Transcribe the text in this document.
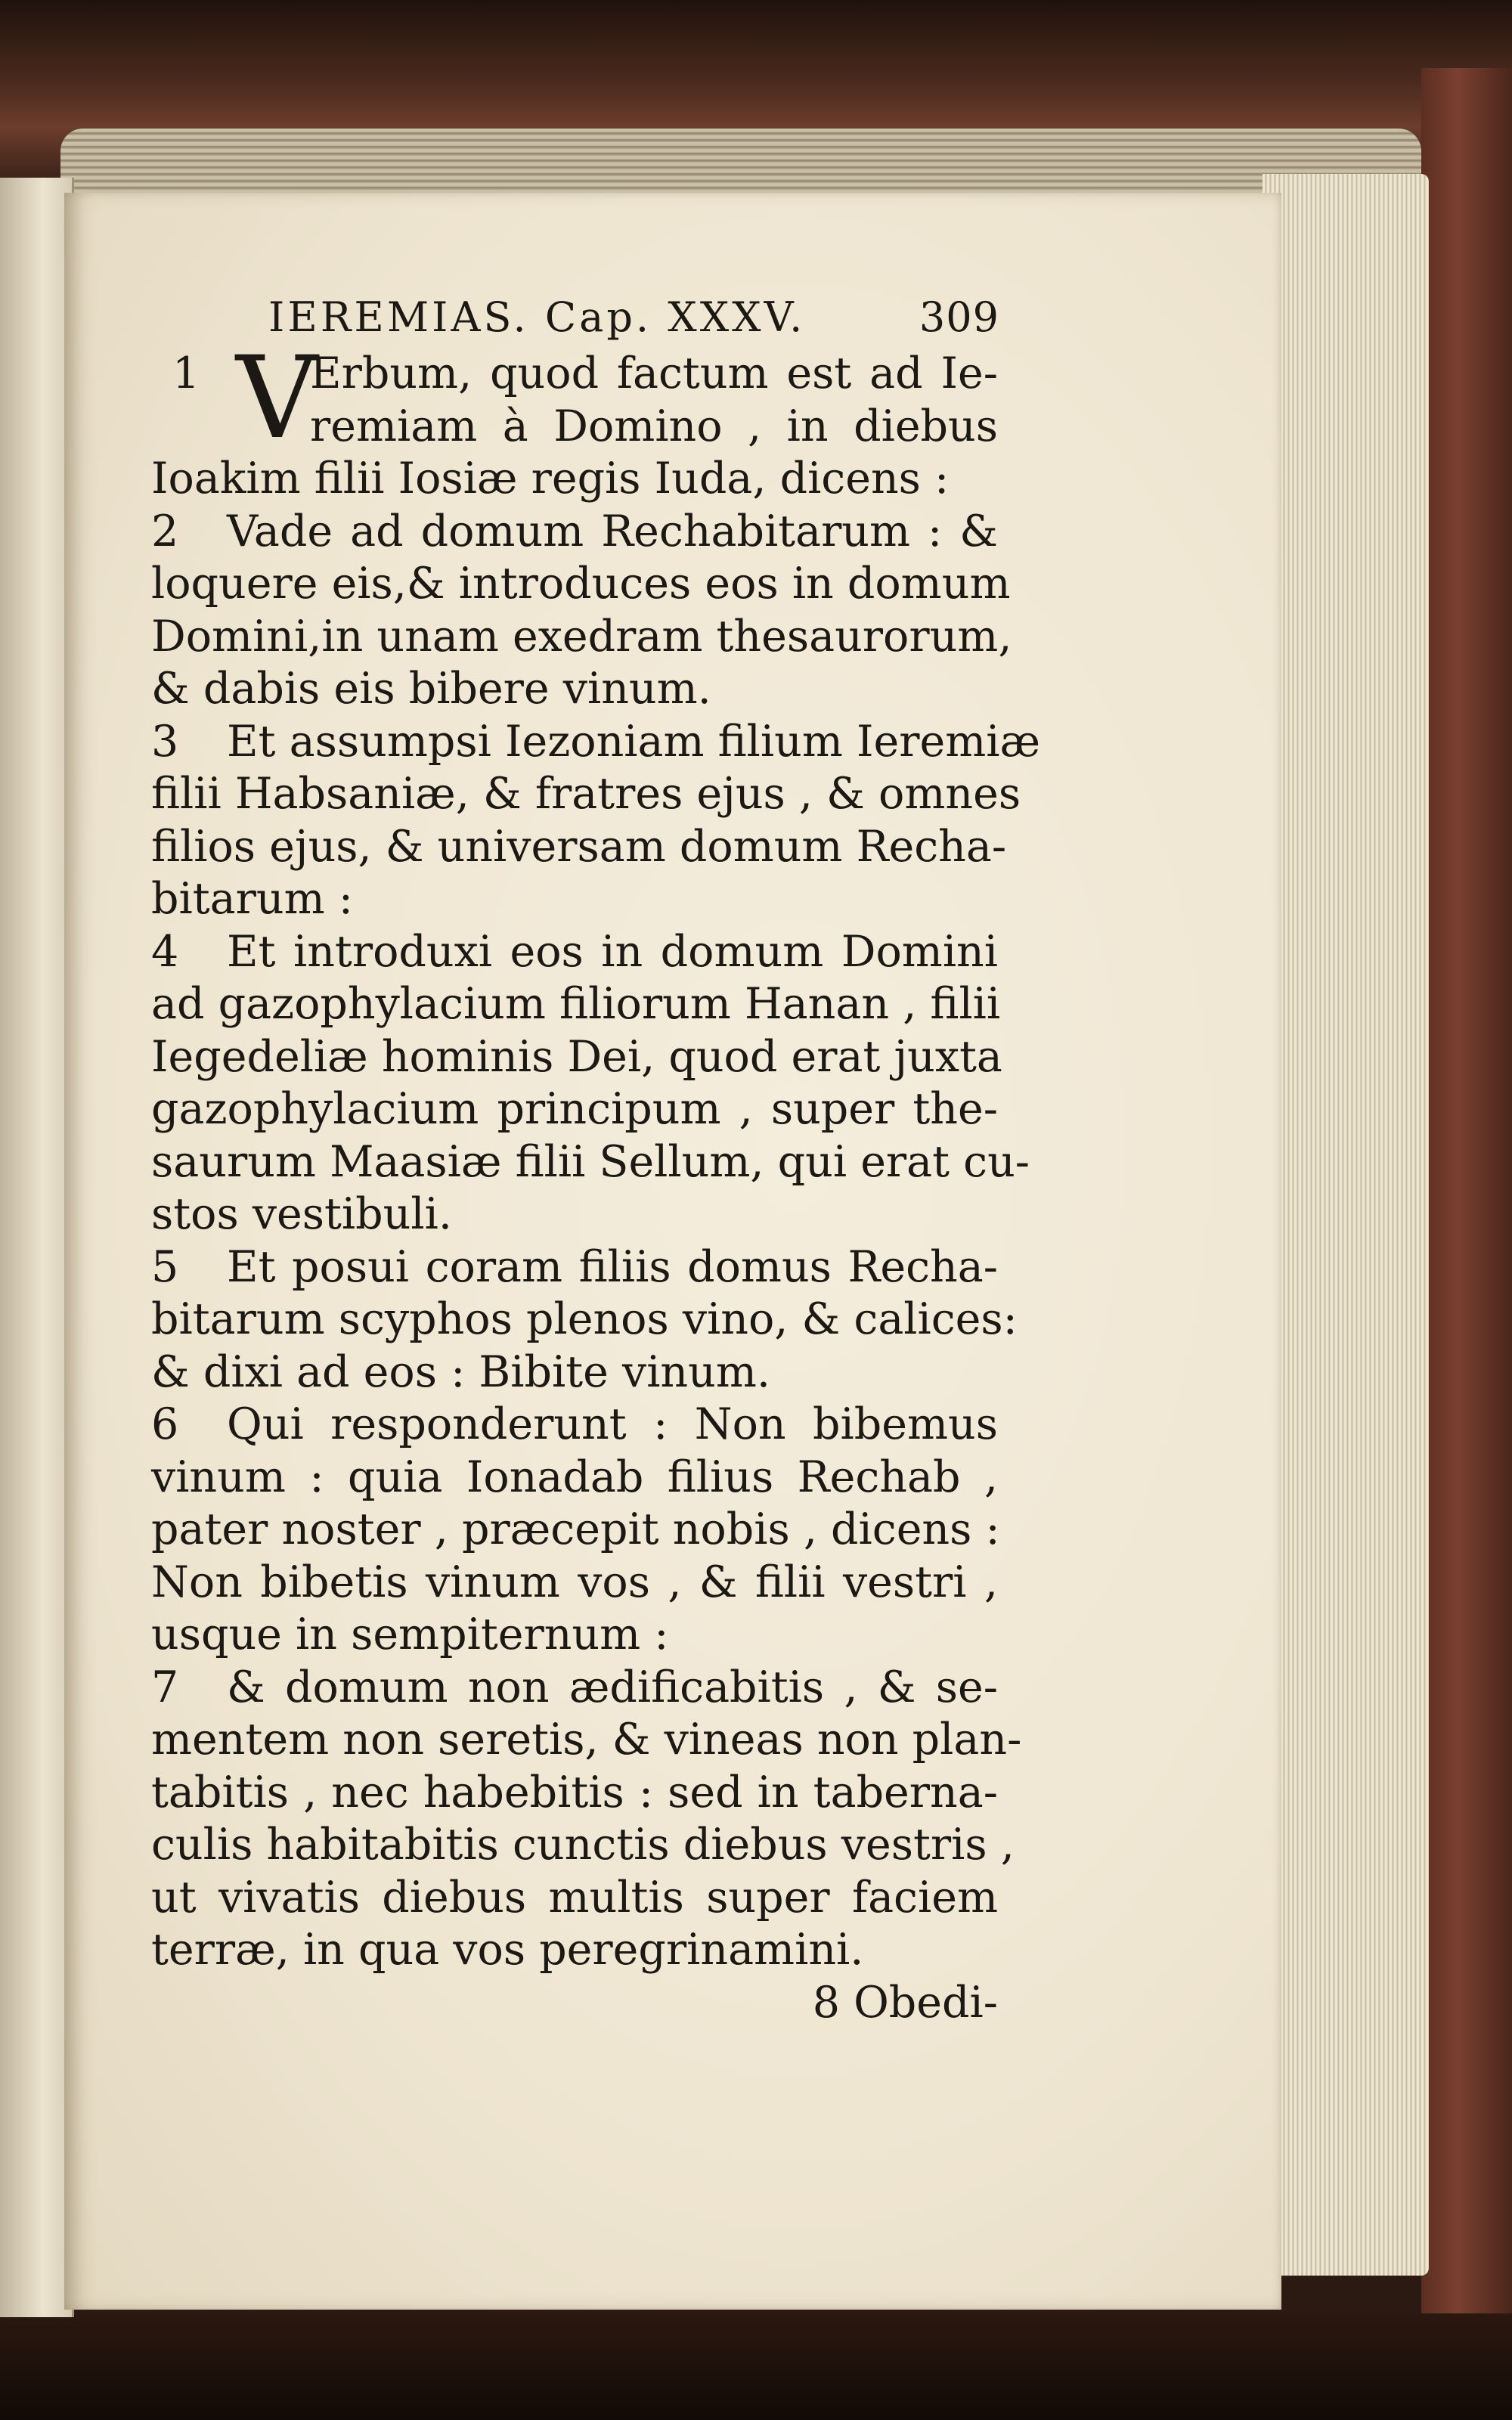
IEREMIAS. Cap. XXXV.	309
1 V
Erbum, quod factum est ad Ie-
remiam à Domino , in diebus
Ioakim filii Iosiæ regis Iuda, dicens :
2 Vade ad domum Rechabitarum : &
loquere eis,& introduces eos in domum
Domini,in unam exedram thesaurorum,
& dabis eis bibere vinum.
3 Et assumpsi Iezoniam filium Ieremiæ
filii Habsaniæ, & fratres ejus , & omnes
filios ejus, & universam domum Recha-
bitarum :
4 Et introduxi eos in domum Domini
ad gazophylacium filiorum Hanan , filii
Iegedeliæ hominis Dei, quod erat juxta
gazophylacium principum , super the-
saurum Maasiæ filii Sellum, qui erat cu-
stos vestibuli.
5 Et posui coram filiis domus Recha-
bitarum scyphos plenos vino, & calices:
& dixi ad eos : Bibite vinum.
6 Qui responderunt : Non bibemus
vinum : quia Ionadab filius Rechab ,
pater noster , præcepit nobis , dicens :
Non bibetis vinum vos , & filii vestri ,
usque in sempiternum :
7 & domum non ædificabitis , & se-
mentem non seretis, & vineas non plan-
tabitis , nec habebitis : sed in taberna-
culis habitabitis cunctis diebus vestris ,
ut vivatis diebus multis super faciem
terræ, in qua vos peregrinamini.
8 Obedi-
